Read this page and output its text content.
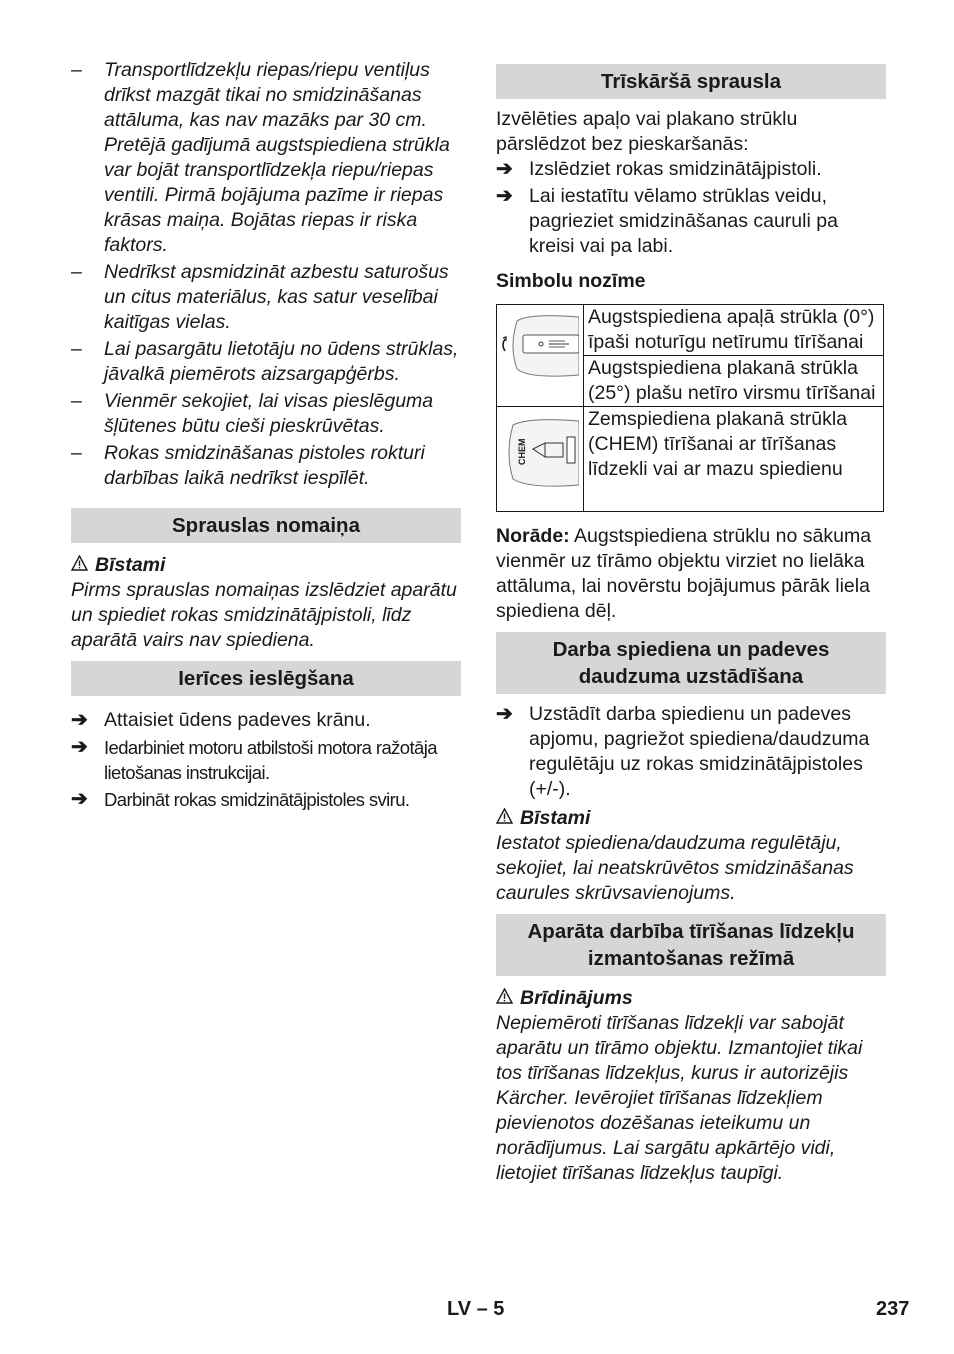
– Transportlīdzekļu riepas/riepu ventiļus drīkst mazgāt tikai no smidzināšanas attāluma, kas nav mazāks par 30 cm. Pretējā gadījumā augstspiediena strūkla var bojāt transportlīdzekļa riepu/riepas ventili. Pirmā bojājuma pazīme ir riepas krāsas maiņa. Bojātas riepas ir riska faktors.
– Nedrīkst apsmidzināt azbestu saturošus un citus materiālus, kas satur veselībai kaitīgas vielas.
– Lai pasargātu lietotāju no ūdens strūklas, jāvalkā piemērots aizsargapģērbs.
– Vienmēr sekojiet, lai visas pieslēguma šļūtenes būtu cieši pieskrūvētas.
– Rokas smidzināšanas pistoles rokturi darbības laikā nedrīkst iespīlēt.
Sprauslas nomaiņa
Bīstami
Pirms sprauslas nomaiņas izslēdziet aparātu un spiediet rokas smidzinātājpistoli, līdz aparātā vairs nav spiediena.
Ierīces ieslēgšana
➔ Attaisiet ūdens padeves krānu.
➔ Iedarbiniet motoru atbilstoši motora ražotāja lietošanas instrukcijai.
➔ Darbināt rokas smidzinātājpistoles sviru.
Trīskāršā sprausla
Izvēlēties apaļo vai plakano strūklu pārslēdzot bez pieskaršanās:
➔ Izslēdziet rokas smidzinātājpistoli.
➔ Lai iestatītu vēlamo strūklas veidu, pagrieziet smidzināšanas cauruli pa kreisi vai pa labi.
Simbolu nozīme
	Augstspiediena apaļā strūkla (0°) īpaši noturīgu netīrumu tīrīšanai
	Augstspiediena plakanā strūkla (25°) plašu netīro virsmu tīrīšanai

CHEM	Zemspiediena plakanā strūkla (CHEM) tīrīšanai ar tīrīšanas līdzekli vai ar mazu spiedienu
Norāde: Augstspiediena strūklu no sākuma vienmēr uz tīrāmo objektu virziet no lielāka attāluma, lai novērstu bojājumus pārāk liela spiediena dēļ.
Darba spiediena un padeves daudzuma uzstādīšana
➔ Uzstādīt darba spiedienu un padeves apjomu, pagriežot spiediena/daudzuma regulētāju uz rokas smidzinātājpistoles (+/-).
Bīstami
Iestatot spiediena/daudzuma regulētāju, sekojiet, lai neatskrūvētos smidzināšanas caurules skrūvsavienojums.
Aparāta darbība tīrīšanas līdzekļu izmantošanas režīmā
Brīdinājums
Nepiemēroti tīrīšanas līdzekļi var sabojāt aparātu un tīrāmo objektu. Izmantojiet tikai tos tīrīšanas līdzekļus, kurus ir autorizējis Kärcher. Ievērojiet tīrīšanas līdzekļiem pievienotos dozēšanas ieteikumu un norādījumus. Lai sargātu apkārtējo vidi, lietojiet tīrīšanas līdzekļus taupīgi.
LV – 5	237
